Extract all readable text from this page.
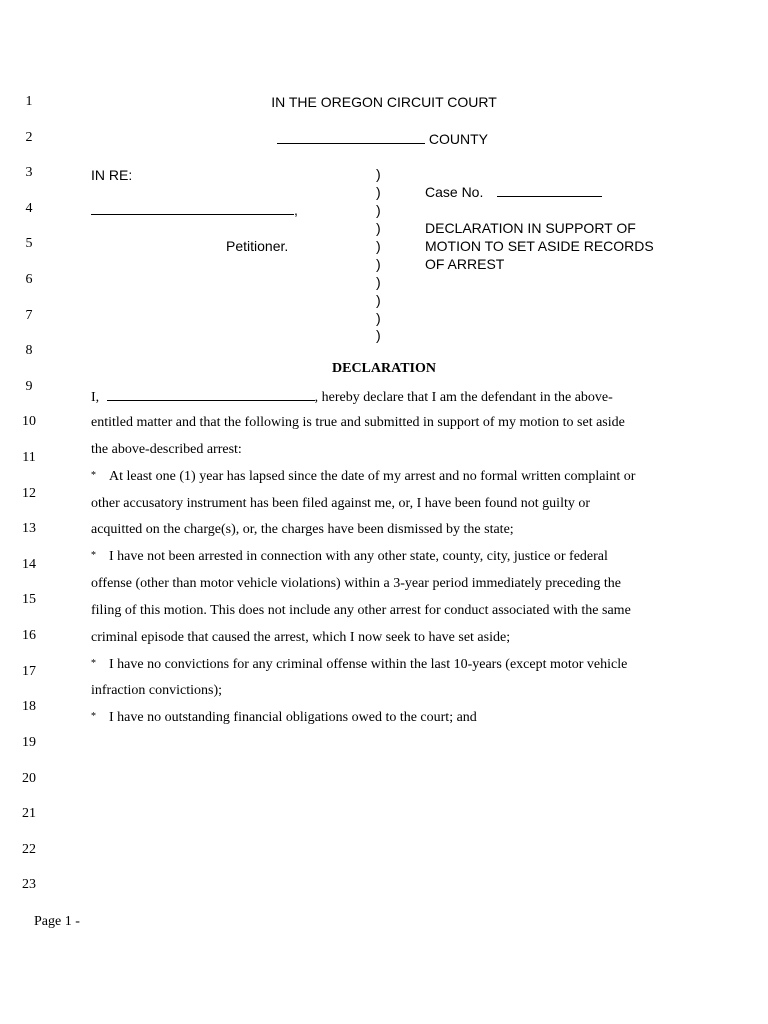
1
2
3
4
5
6
7
8
9
10
11
12
13
14
15
16
17
18
19
20
21
22
23
IN THE OREGON CIRCUIT COURT
COUNTY
IN RE:
,
Petitioner.
)
)
)
)
)
)
)
)
)
)
Case No.
DECLARATION IN SUPPORT OF
MOTION TO SET ASIDE RECORDS
OF ARREST
DECLARATION
I,	, hereby declare that I am the defendant in the above-
entitled matter and that the following is true and submitted in support of my motion to set aside
the above-described arrest:
* At least one (1) year has lapsed since the date of my arrest and no formal written complaint or
other accusatory instrument has been filed against me, or, I have been found not guilty or
acquitted on the charge(s), or, the charges have been dismissed by the state;
* I have not been arrested in connection with any other state, county, city, justice or federal
offense (other than motor vehicle violations) within a 3-year period immediately preceding the
filing of this motion. This does not include any other arrest for conduct associated with the same
criminal episode that caused the arrest, which I now seek to have set aside;
* I have no convictions for any criminal offense within the last 10-years (except motor vehicle
infraction convictions);
* I have no outstanding financial obligations owed to the court; and
Page 1 -
